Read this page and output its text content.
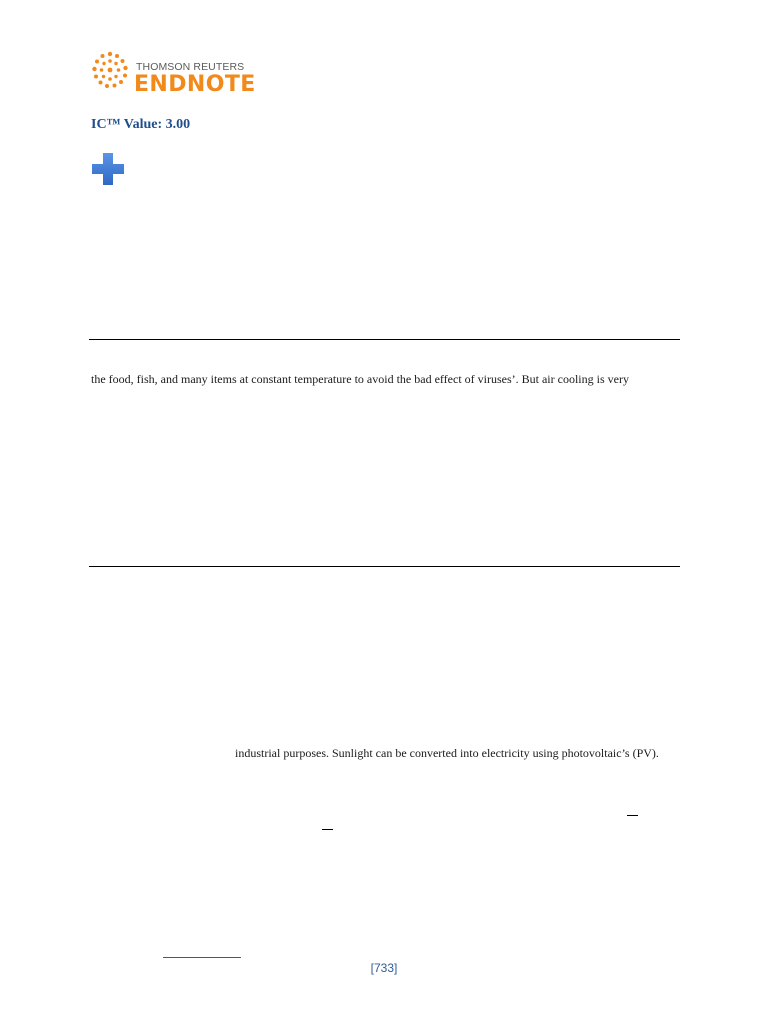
THOMSON REUTERS
ENDNOTE
IC™ Value: 3.00
the food, fish, and many items at constant temperature to avoid the bad effect of viruses’. But air cooling is very
industrial purposes. Sunlight can be converted into electricity using photovoltaic’s (PV).
[733]
